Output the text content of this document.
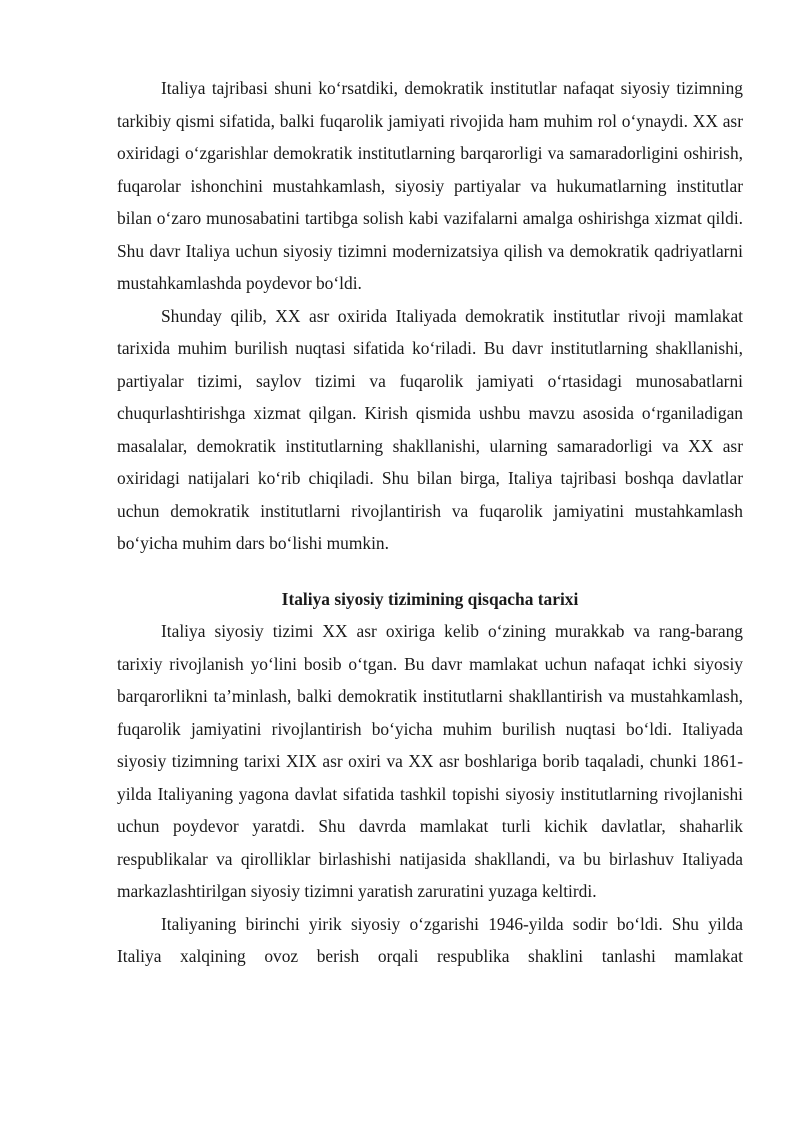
Italiya tajribasi shuni ko‘rsatdiki, demokratik institutlar nafaqat siyosiy tizimning tarkibiy qismi sifatida, balki fuqarolik jamiyati rivojida ham muhim rol o‘ynaydi. XX asr oxiridagi o‘zgarishlar demokratik institutlarning barqarorligi va samaradorligini oshirish, fuqarolar ishonchini mustahkamlash, siyosiy partiyalar va hukumatlarning institutlar bilan o‘zaro munosabatini tartibga solish kabi vazifalarni amalga oshirishga xizmat qildi. Shu davr Italiya uchun siyosiy tizimni modernizatsiya qilish va demokratik qadriyatlarni mustahkamlashda poydevor bo‘ldi.

Shunday qilib, XX asr oxirida Italiyada demokratik institutlar rivoji mamlakat tarixida muhim burilish nuqtasi sifatida ko‘riladi. Bu davr institutlarning shakllanishi, partiyalar tizimi, saylov tizimi va fuqarolik jamiyati o‘rtasidagi munosabatlarni chuqurlashtirishga xizmat qilgan. Kirish qismida ushbu mavzu asosida o‘rganiladigan masalalar, demokratik institutlarning shakllanishi, ularning samaradorligi va XX asr oxiridagi natijalari ko‘rib chiqiladi. Shu bilan birga, Italiya tajribasi boshqa davlatlar uchun demokratik institutlarni rivojlantirish va fuqarolik jamiyatini mustahkamlash bo‘yicha muhim dars bo‘lishi mumkin.

Italiya siyosiy tizimining qisqacha tarixi

Italiya siyosiy tizimi XX asr oxiriga kelib o‘zining murakkab va rang-barang tarixiy rivojlanish yo‘lini bosib o‘tgan. Bu davr mamlakat uchun nafaqat ichki siyosiy barqarorlikni ta’minlash, balki demokratik institutlarni shakllantirish va mustahkamlash, fuqarolik jamiyatini rivojlantirish bo‘yicha muhim burilish nuqtasi bo‘ldi. Italiyada siyosiy tizimning tarixi XIX asr oxiri va XX asr boshlariga borib taqaladi, chunki 1861-yilda Italiyaning yagona davlat sifatida tashkil topishi siyosiy institutlarning rivojlanishi uchun poydevor yaratdi. Shu davrda mamlakat turli kichik davlatlar, shaharlik respublikalar va qirolliklar birlashishi natijasida shakllandi, va bu birlashuv Italiyada markazlashtirilgan siyosiy tizimni yaratish zaruratini yuzaga keltirdi.

Italiyaning birinchi yirik siyosiy o‘zgarishi 1946-yilda sodir bo‘ldi. Shu yilda Italiya xalqining ovoz berish orqali respublika shaklini tanlashi mamlakat
